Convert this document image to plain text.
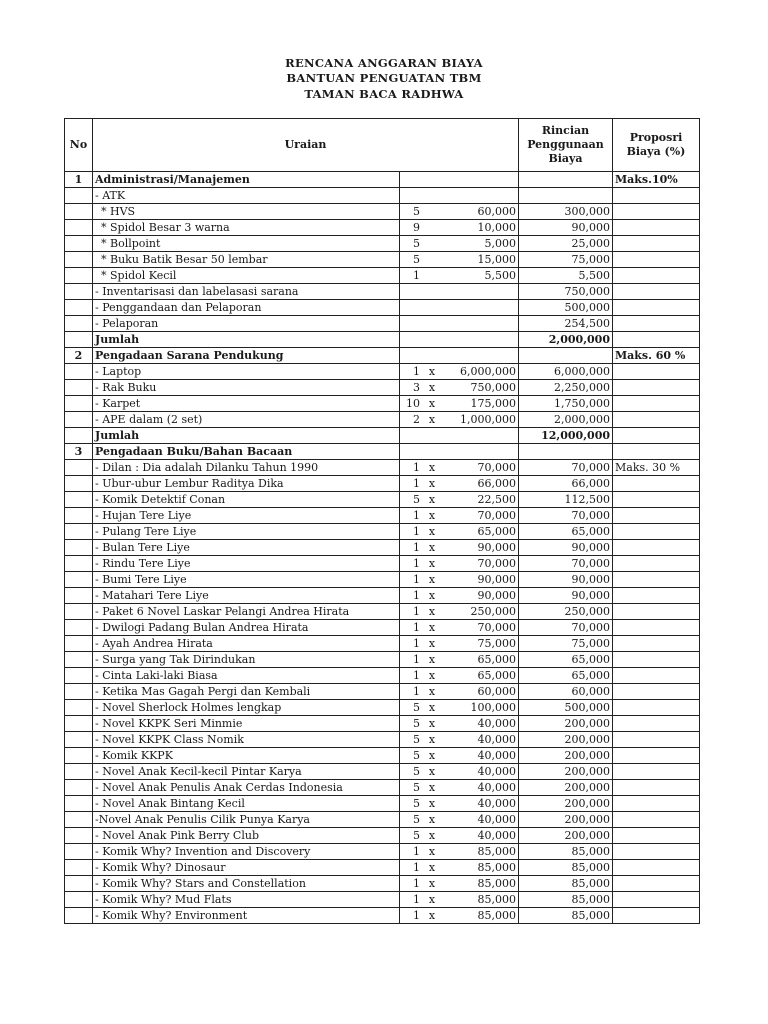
RENCANA ANGGARAN BIAYA
BANTUAN PENGUATAN TBM
TAMAN BACA RADHWA
No	Uraian			Rincian Penggunaan Biaya	Proposri Biaya (%)
1	Administrasi/Manajemen				Maks.10%
	- ATK				
	* HVS	5	60,000	300,000	
	* Spidol Besar 3 warna	9	10,000	90,000	
	* Bollpoint	5	5,000	25,000	
	* Buku Batik Besar 50 lembar	5	15,000	75,000	
	* Spidol Kecil	1	5,500	5,500	
	- Inventarisasi dan labelasasi sarana			750,000	
	- Penggandaan dan Pelaporan			500,000	
	- Pelaporan			254,500	
	Jumlah			2,000,000	
2	Pengadaan Sarana Pendukung				Maks. 60 %
	- Laptop	1 x	6,000,000	6,000,000	
	- Rak Buku	3 x	750,000	2,250,000	
	- Karpet	10 x	175,000	1,750,000	
	- APE dalam (2 set)	2 x	1,000,000	2,000,000	
	Jumlah			12,000,000	
3	Pengadaan Buku/Bahan Bacaan				
	- Dilan : Dia adalah Dilanku Tahun 1990	1 x	70,000	70,000	Maks. 30 %
	- Ubur-ubur Lembur Raditya Dika	1 x	66,000	66,000	
	- Komik Detektif Conan	5 x	22,500	112,500	
	- Hujan Tere Liye	1 x	70,000	70,000	
	- Pulang Tere Liye	1 x	65,000	65,000	
	- Bulan Tere Liye	1 x	90,000	90,000	
	- Rindu Tere Liye	1 x	70,000	70,000	
	- Bumi Tere Liye	1 x	90,000	90,000	
	- Matahari Tere Liye	1 x	90,000	90,000	
	- Paket 6 Novel Laskar Pelangi Andrea Hirata	1 x	250,000	250,000	
	- Dwilogi Padang Bulan Andrea Hirata	1 x	70,000	70,000	
	- Ayah Andrea Hirata	1 x	75,000	75,000	
	- Surga yang Tak Dirindukan	1 x	65,000	65,000	
	- Cinta Laki-laki Biasa	1 x	65,000	65,000	
	- Ketika Mas Gagah Pergi dan Kembali	1 x	60,000	60,000	
	- Novel Sherlock Holmes lengkap	5 x	100,000	500,000	
	- Novel KKPK Seri Minmie	5 x	40,000	200,000	
	- Novel KKPK Class Nomik	5 x	40,000	200,000	
	- Komik KKPK	5 x	40,000	200,000	
	- Novel Anak Kecil-kecil Pintar Karya	5 x	40,000	200,000	
	- Novel Anak Penulis Anak Cerdas Indonesia	5 x	40,000	200,000	
	- Novel Anak Bintang Kecil	5 x	40,000	200,000	
	-Novel Anak Penulis Cilik Punya Karya	5 x	40,000	200,000	
	- Novel Anak Pink Berry Club	5 x	40,000	200,000	
	- Komik Why? Invention and Discovery	1 x	85,000	85,000	
	- Komik Why? Dinosaur	1 x	85,000	85,000	
	- Komik Why? Stars and Constellation	1 x	85,000	85,000	
	- Komik Why? Mud Flats	1 x	85,000	85,000	
	- Komik Why? Environment	1 x	85,000	85,000	
